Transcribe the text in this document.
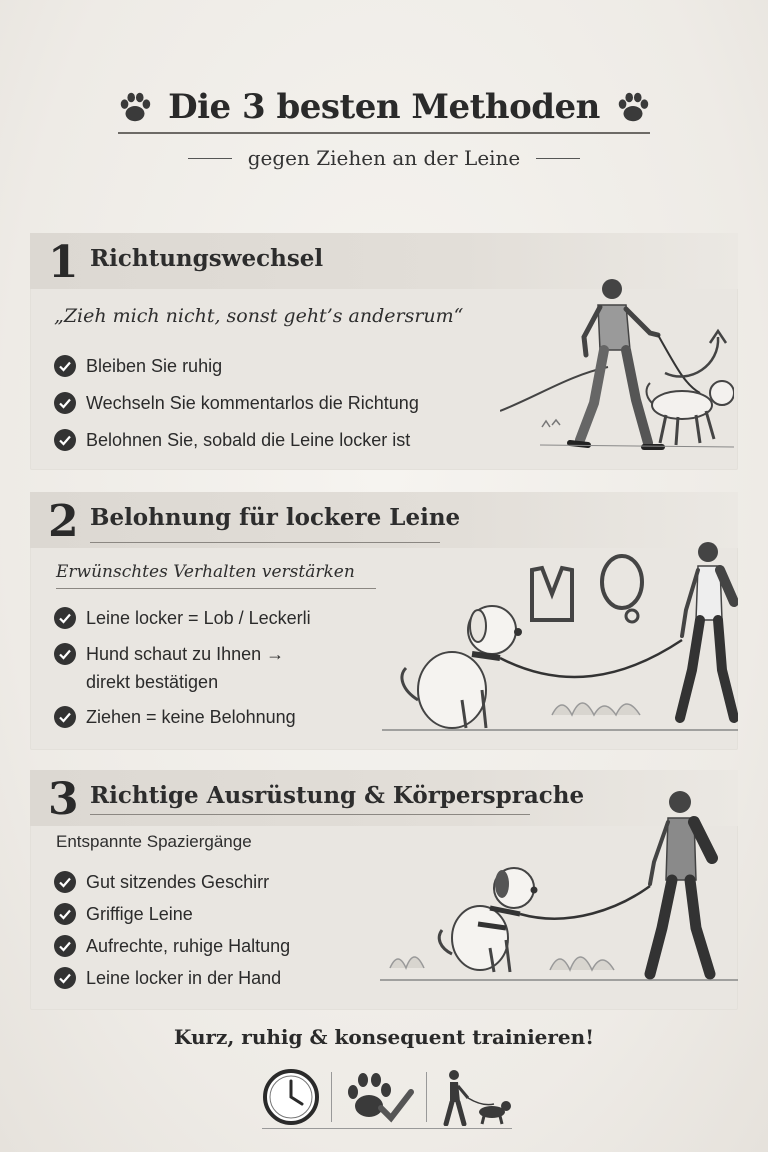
Die 3 besten Methoden
gegen Ziehen an der Leine
1 Richtungswechsel
„Zieh mich nicht, sonst geht’s andersrum“
Bleiben Sie ruhig
Wechseln Sie kommentarlos die Richtung
Belohnen Sie, sobald die Leine locker ist
2 Belohnung für lockere Leine
Erwünschtes Verhalten verstärken
Leine locker = Lob / Leckerli
Hund schaut zu Ihnen →
direkt bestätigen
Ziehen = keine Belohnung
3 Richtige Ausrüstung & Körpersprache
Entspannte Spaziergänge
Gut sitzendes Geschirr
Griffige Leine
Aufrechte, ruhige Haltung
Leine locker in der Hand
Kurz, ruhig & konsequent trainieren!
